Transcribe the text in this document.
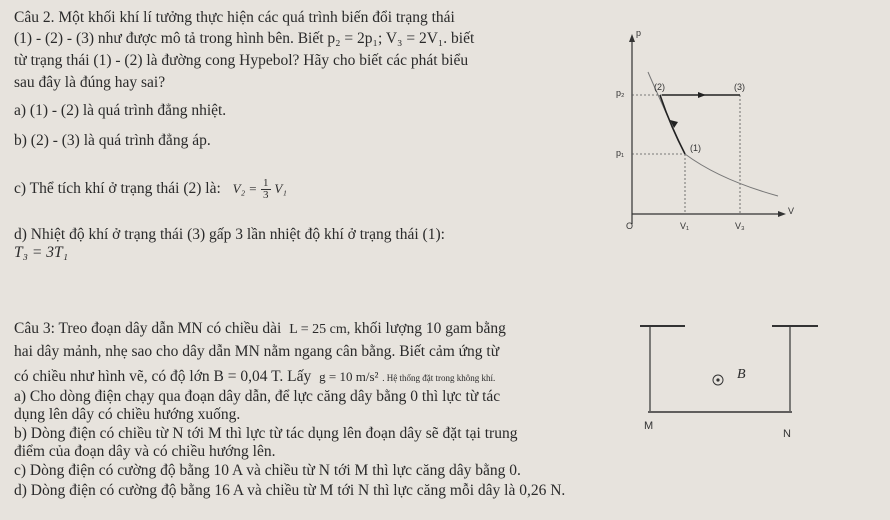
Câu 2. Một khối khí lí tưởng thực hiện các quá trình biến đổi trạng thái
(1) - (2) - (3) như được mô tả trong hình bên. Biết p₂ = 2p₁; V₃ = 2V₁. biết
từ trạng thái (1) - (2) là đường cong Hypebol? Hãy cho biết các phát biểu
sau đây là đúng hay sai?
a) (1) - (2) là quá trình đẳng nhiệt.
b) (2) - (3) là quá trình đẳng áp.
c) Thể tích khí ở trạng thái (2) là: $V_2 = \frac{1}{3} V_1$
d) Nhiệt độ khí ở trạng thái (3) gấp 3 lần nhiệt độ khí ở trạng thái (1):
T₃ = 3T₁
p
V
O
p₂
p₁
(2)	(3)
(1)
V₁	V₃
Câu 3: Treo đoạn dây dẫn MN có chiều dài L = 25 cm, khối lượng 10 gam bằng
hai dây mảnh, nhẹ sao cho dây dẫn MN nằm ngang cân bằng. Biết cảm ứng từ
có chiều như hình vẽ, có độ lớn B = 0,04 T. Lấy g = 10 m/s² . Hệ thống đặt trong không khí.
a) Cho dòng điện chạy qua đoạn dây dẫn, để lực căng dây bằng 0 thì lực từ tác
dụng lên dây có chiều hướng xuống.
b) Dòng điện có chiều từ N tới M thì lực từ tác dụng lên đoạn dây sẽ đặt tại trung
điểm của đoạn dây và có chiều hướng lên.
c) Dòng điện có cường độ bằng 10 A và chiều từ N tới M thì lực căng dây bằng 0.
d) Dòng điện có cường độ bằng 16 A và chiều từ M tới N thì lực căng mỗi dây là 0,26 N.
B⃗
M
N
